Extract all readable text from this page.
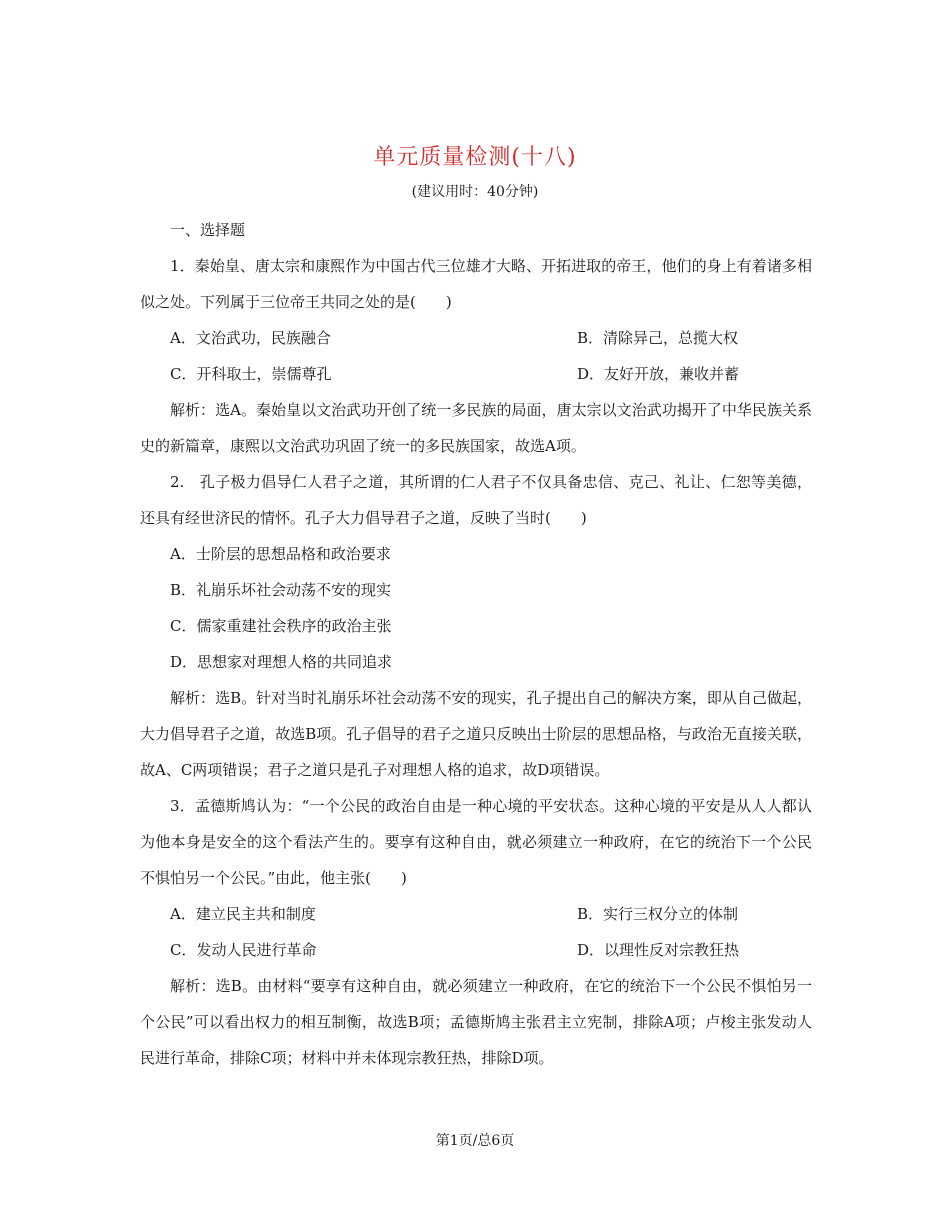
单元质量检测(十八)
(建议用时：40分钟)
一、选择题

1．秦始皇、唐太宗和康熙作为中国古代三位雄才大略、开拓进取的帝王，他们的身上有着诸多相似之处。下列属于三位帝王共同之处的是(　　)

A．文治武功，民族融合	B．清除异己，总揽大权
C．开科取士，崇儒尊孔	D．友好开放，兼收并蓄

解析：选A。秦始皇以文治武功开创了统一多民族的局面，唐太宗以文治武功揭开了中华民族关系史的新篇章，康熙以文治武功巩固了统一的多民族国家，故选A项。

2.　孔子极力倡导仁人君子之道，其所谓的仁人君子不仅具备忠信、克己、礼让、仁恕等美德，还具有经世济民的情怀。孔子大力倡导君子之道，反映了当时(　　)

A．士阶层的思想品格和政治要求
B．礼崩乐坏社会动荡不安的现实
C．儒家重建社会秩序的政治主张
D．思想家对理想人格的共同追求

解析：选B。针对当时礼崩乐坏社会动荡不安的现实，孔子提出自己的解决方案，即从自己做起，大力倡导君子之道，故选B项。孔子倡导的君子之道只反映出士阶层的思想品格，与政治无直接关联，故A、C两项错误；君子之道只是孔子对理想人格的追求，故D项错误。

3．孟德斯鸠认为：“一个公民的政治自由是一种心境的平安状态。这种心境的平安是从人人都认为他本身是安全的这个看法产生的。要享有这种自由，就必须建立一种政府，在它的统治下一个公民不惧怕另一个公民。”由此，他主张(　　)

A．建立民主共和制度	B．实行三权分立的体制
C．发动人民进行革命	D．以理性反对宗教狂热

解析：选B。由材料“要享有这种自由，就必须建立一种政府，在它的统治下一个公民不惧怕另一个公民”可以看出权力的相互制衡，故选B项；孟德斯鸠主张君主立宪制，排除A项；卢梭主张发动人民进行革命，排除C项；材料中并未体现宗教狂热，排除D项。

第1页/总6页
